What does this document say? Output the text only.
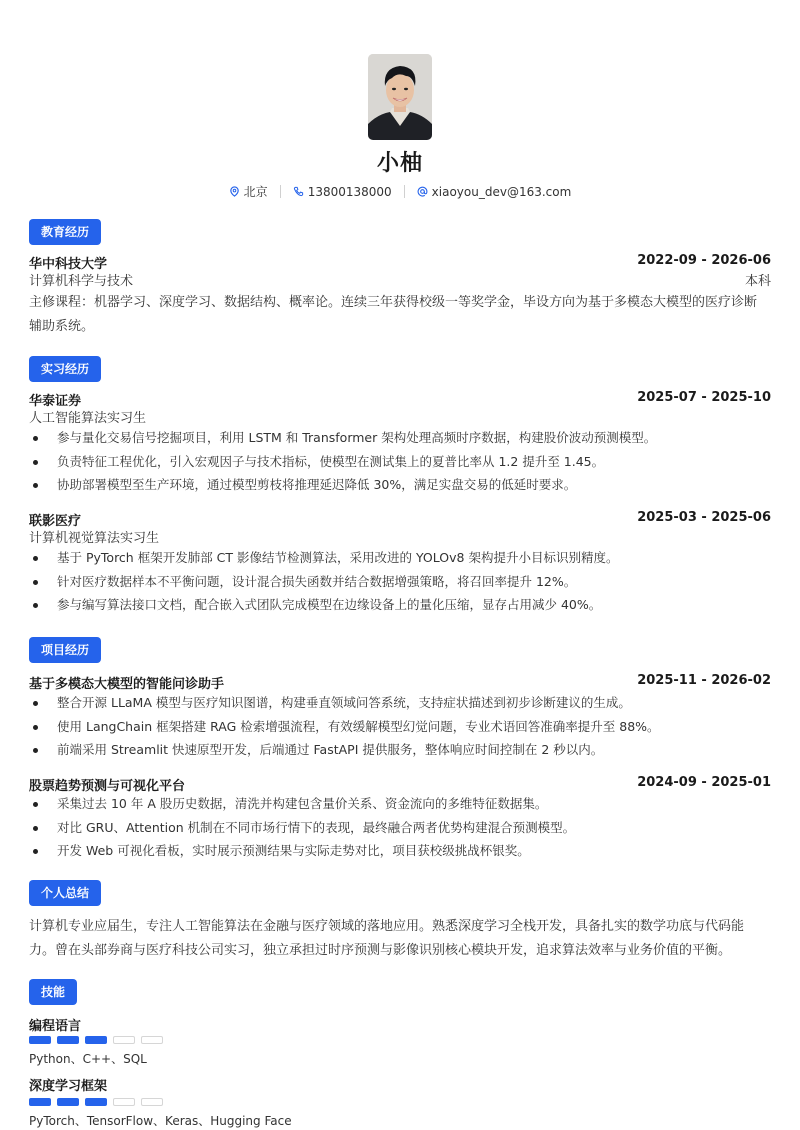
小柚
北京	13800138000	xiaoyou_dev@163.com
教育经历
华中科技大学	2022-09 - 2026-06
计算机科学与技术	本科
主修课程：机器学习、深度学习、数据结构、概率论。连续三年获得校级一等奖学金，毕设方向为基于多模态大模型的医疗诊断
辅助系统。
实习经历
华泰证券	2025-07 - 2025-10
人工智能算法实习生
参与量化交易信号挖掘项目，利用 LSTM 和 Transformer 架构处理高频时序数据，构建股价波动预测模型。
负责特征工程优化，引入宏观因子与技术指标，使模型在测试集上的夏普比率从 1.2 提升至 1.45。
协助部署模型至生产环境，通过模型剪枝将推理延迟降低 30%，满足实盘交易的低延时要求。
联影医疗	2025-03 - 2025-06
计算机视觉算法实习生
基于 PyTorch 框架开发肺部 CT 影像结节检测算法，采用改进的 YOLOv8 架构提升小目标识别精度。
针对医疗数据样本不平衡问题，设计混合损失函数并结合数据增强策略，将召回率提升 12%。
参与编写算法接口文档，配合嵌入式团队完成模型在边缘设备上的量化压缩，显存占用减少 40%。
项目经历
基于多模态大模型的智能问诊助手	2025-11 - 2026-02
整合开源 LLaMA 模型与医疗知识图谱，构建垂直领域问答系统，支持症状描述到初步诊断建议的生成。
使用 LangChain 框架搭建 RAG 检索增强流程，有效缓解模型幻觉问题，专业术语回答准确率提升至 88%。
前端采用 Streamlit 快速原型开发，后端通过 FastAPI 提供服务，整体响应时间控制在 2 秒以内。
股票趋势预测与可视化平台	2024-09 - 2025-01
采集过去 10 年 A 股历史数据，清洗并构建包含量价关系、资金流向的多维特征数据集。
对比 GRU、Attention 机制在不同市场行情下的表现，最终融合两者优势构建混合预测模型。
开发 Web 可视化看板，实时展示预测结果与实际走势对比，项目获校级挑战杯银奖。
个人总结
计算机专业应届生，专注人工智能算法在金融与医疗领域的落地应用。熟悉深度学习全栈开发，具备扎实的数学功底与代码能
力。曾在头部券商与医疗科技公司实习，独立承担过时序预测与影像识别核心模块开发，追求算法效率与业务价值的平衡。
技能
编程语言
Python、C++、SQL
深度学习框架
PyTorch、TensorFlow、Keras、Hugging Face
